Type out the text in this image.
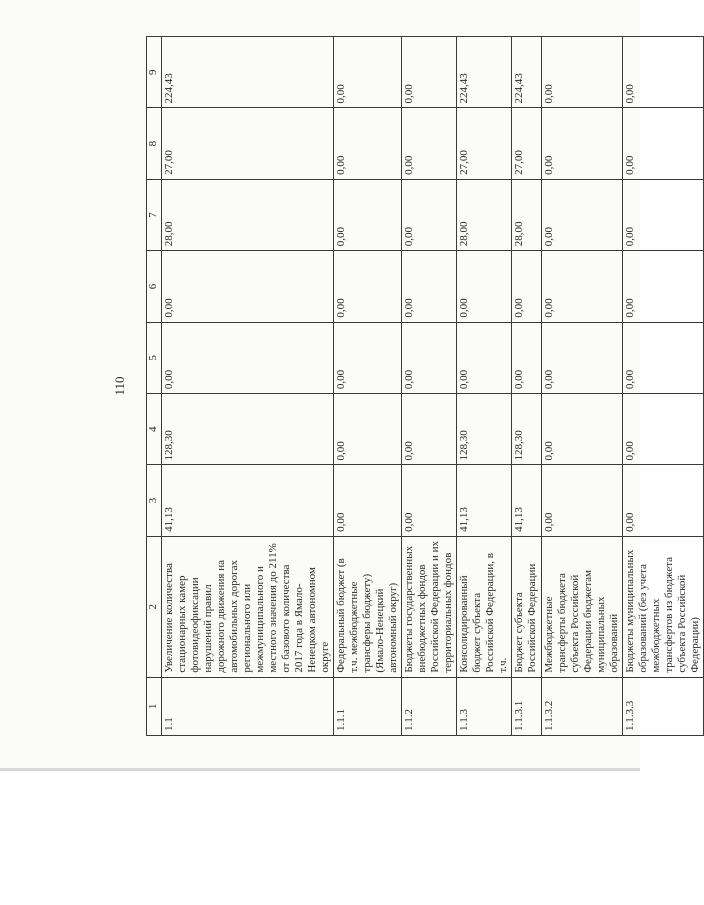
110
1	2	3	4	5	6	7	8	9
1.1	Увеличение количества стационарных камер фотовидеофиксации нарушений правил дорожного движения на автомобильных дорогах регионального или межмуниципального и местного значения до 211% от базового количества 2017 года в Ямало-Ненецком автономном округе	41,13	128,30	0,00	0,00	28,00	27,00	224,43
1.1.1	Федеральный бюджет (в т.ч. межбюджетные трансферы бюджету) (Ямало-Ненецкий автономный округ)	0,00	0,00	0,00	0,00	0,00	0,00	0,00
1.1.2	Бюджеты государственных внебюджетных фондов Российской Федерации и их территориальных фондов	0,00	0,00	0,00	0,00	0,00	0,00	0,00
1.1.3	Консолидированный бюджет субъекта Российской Федерации, в т.ч.	41,13	128,30	0,00	0,00	28,00	27,00	224,43
1.1.3.1	Бюджет субъекта Российской Федерации	41,13	128,30	0,00	0,00	28,00	27,00	224,43
1.1.3.2	Межбюджетные трансферты бюджета субъекта Российской Федерации бюджетам муниципальных образований	0,00	0,00	0,00	0,00	0,00	0,00	0,00
1.1.3.3	Бюджеты муниципальных образований (без учета межбюджетных трансфертов из бюджета субъекта Российской Федерации)	0,00	0,00	0,00	0,00	0,00	0,00	0,00
